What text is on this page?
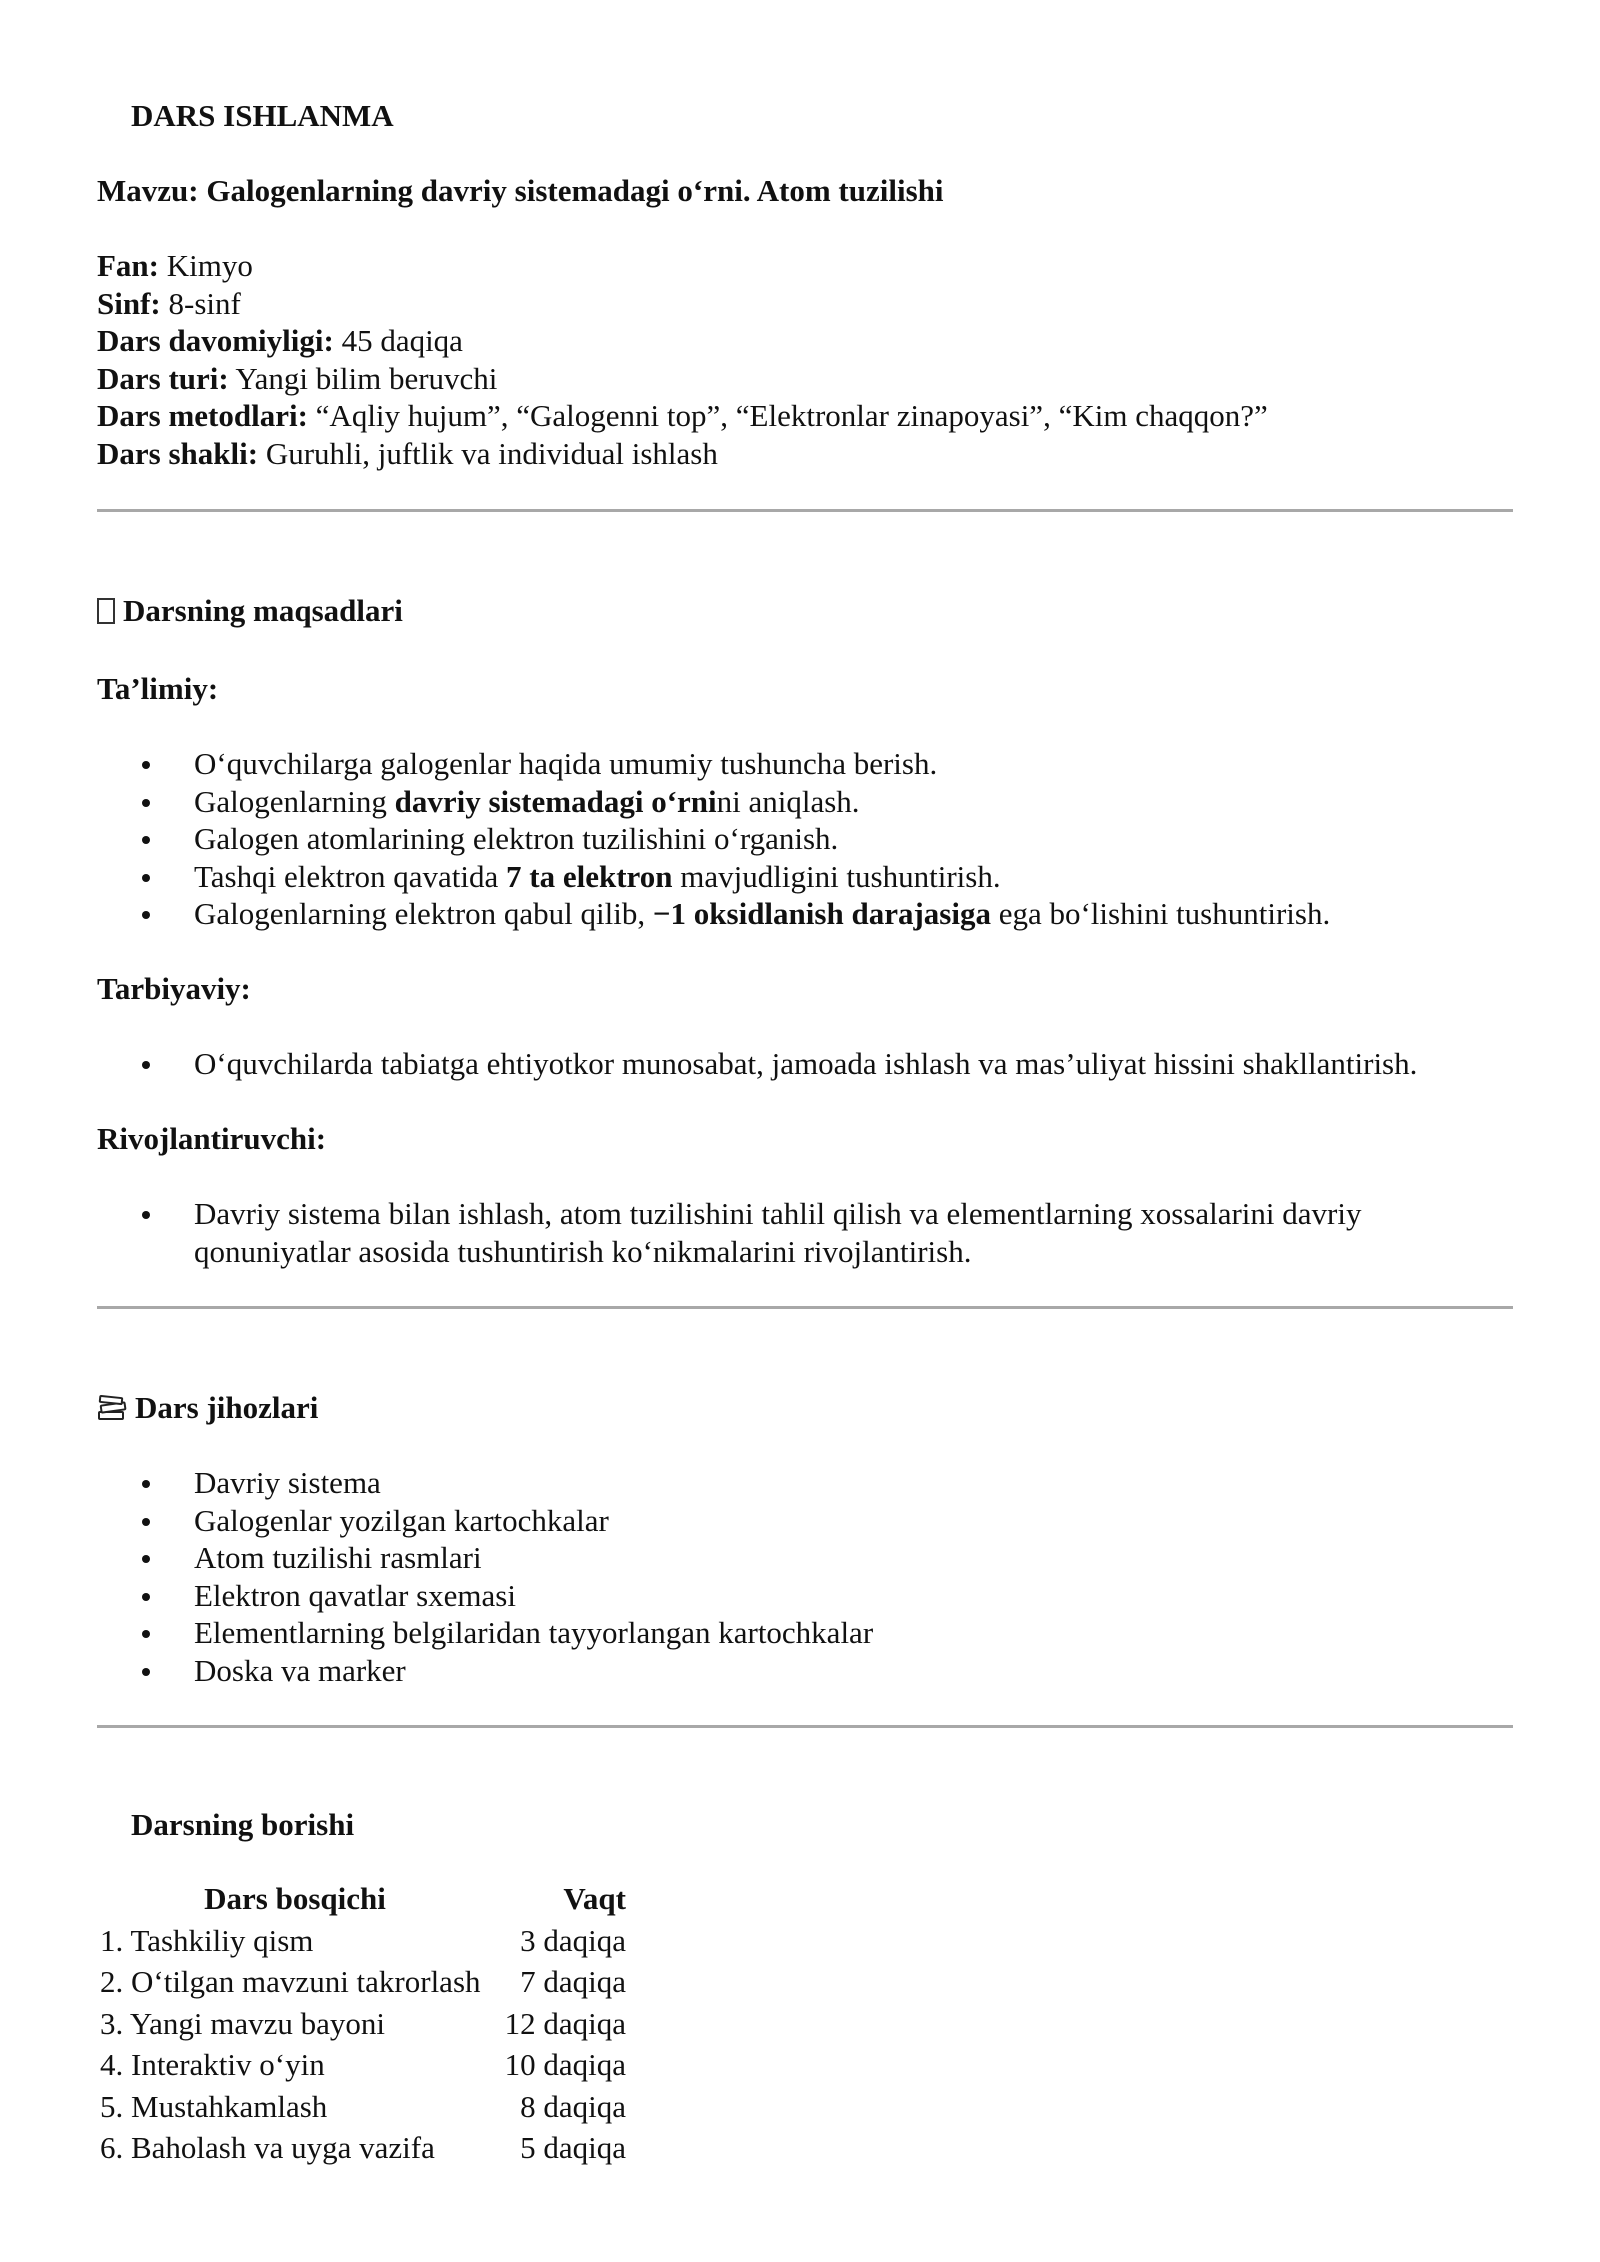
DARS ISHLANMA
Mavzu: Galogenlarning davriy sistemadagi o‘rni. Atom tuzilishi
Fan: Kimyo
Sinf: 8-sinf
Dars davomiyligi: 45 daqiqa
Dars turi: Yangi bilim beruvchi
Dars metodlari: “Aqliy hujum”, “Galogenni top”, “Elektronlar zinapoyasi”, “Kim chaqqon?”
Dars shakli: Guruhli, juftlik va individual ishlash
Darsning maqsadlari
Ta’limiy:
O‘quvchilarga galogenlar haqida umumiy tushuncha berish.
Galogenlarning davriy sistemadagi o‘rnini aniqlash.
Galogen atomlarining elektron tuzilishini o‘rganish.
Tashqi elektron qavatida 7 ta elektron mavjudligini tushuntirish.
Galogenlarning elektron qabul qilib, −1 oksidlanish darajasiga ega bo‘lishini tushuntirish.
Tarbiyaviy:
O‘quvchilarda tabiatga ehtiyotkor munosabat, jamoada ishlash va mas’uliyat hissini shakllantirish.
Rivojlantiruvchi:
Davriy sistema bilan ishlash, atom tuzilishini tahlil qilish va elementlarning xossalarini davriy
qonuniyatlar asosida tushuntirish ko‘nikmalarini rivojlantirish.
Dars jihozlari
Davriy sistema
Galogenlar yozilgan kartochkalar
Atom tuzilishi rasmlari
Elektron qavatlar sxemasi
Elementlarning belgilaridan tayyorlangan kartochkalar
Doska va marker
Darsning borishi
Dars bosqichi	Vaqt
1. Tashkiliy qism	3 daqiqa
2. O‘tilgan mavzuni takrorlash	7 daqiqa
3. Yangi mavzu bayoni	12 daqiqa
4. Interaktiv o‘yin	10 daqiqa
5. Mustahkamlash	8 daqiqa
6. Baholash va uyga vazifa	5 daqiqa
